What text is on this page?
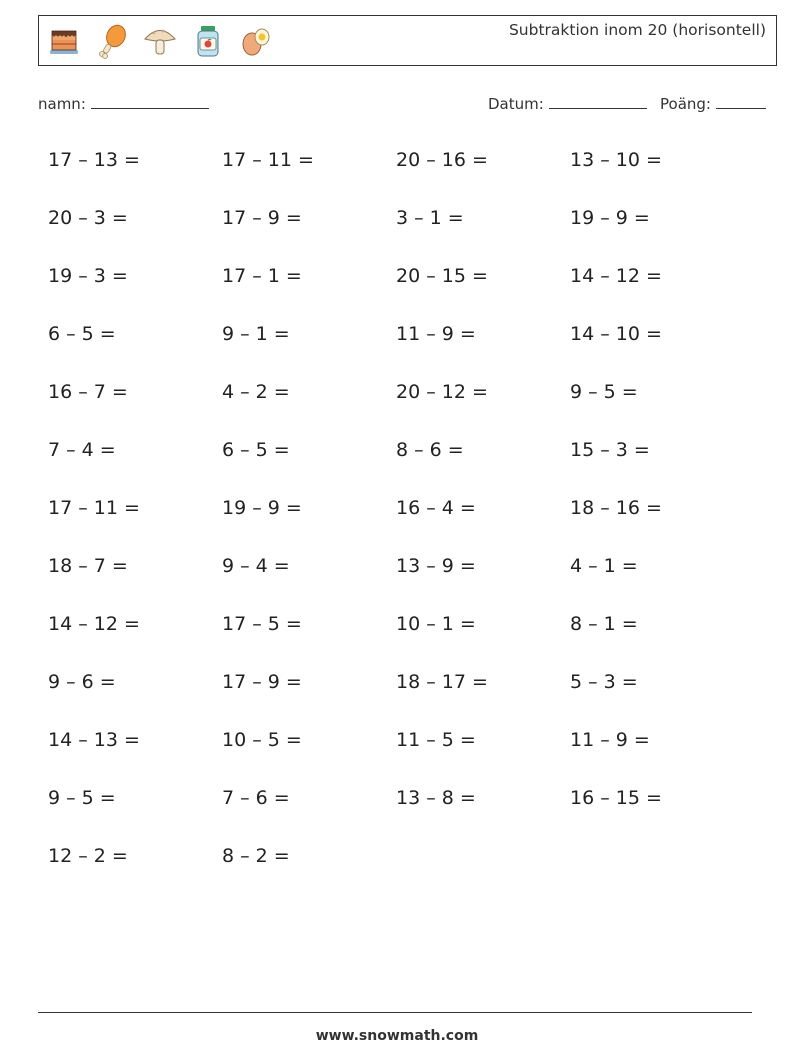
Subtraktion inom 20 (horisontell)
namn:	Datum:	Poäng:
17 – 13 =	17 – 11 =	20 – 16 =	13 – 10 =
20 – 3 =	17 – 9 =	3 – 1 =	19 – 9 =
19 – 3 =	17 – 1 =	20 – 15 =	14 – 12 =
6 – 5 =	9 – 1 =	11 – 9 =	14 – 10 =
16 – 7 =	4 – 2 =	20 – 12 =	9 – 5 =
7 – 4 =	6 – 5 =	8 – 6 =	15 – 3 =
17 – 11 =	19 – 9 =	16 – 4 =	18 – 16 =
18 – 7 =	9 – 4 =	13 – 9 =	4 – 1 =
14 – 12 =	17 – 5 =	10 – 1 =	8 – 1 =
9 – 6 =	17 – 9 =	18 – 17 =	5 – 3 =
14 – 13 =	10 – 5 =	11 – 5 =	11 – 9 =
9 – 5 =	7 – 6 =	13 – 8 =	16 – 15 =
12 – 2 =	8 – 2 =
www.snowmath.com
